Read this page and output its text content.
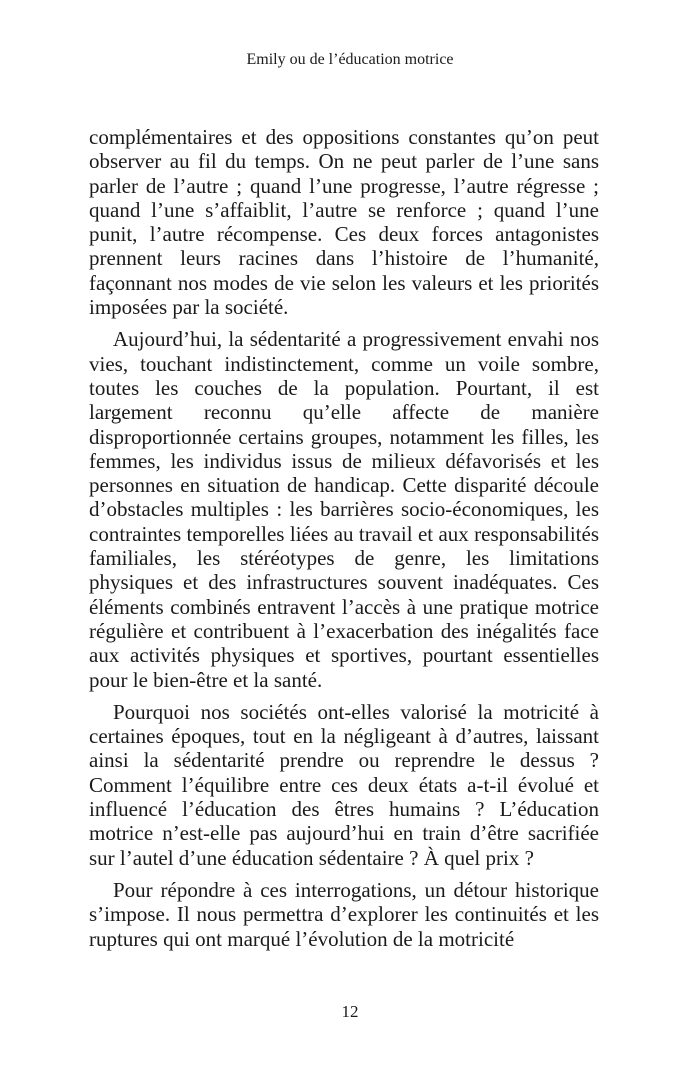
Emily ou de l’éducation motrice

complémentaires et des oppositions constantes qu’on peut observer au fil du temps. On ne peut parler de l’une sans parler de l’autre ; quand l’une progresse, l’autre régresse ; quand l’une s’affaiblit, l’autre se renforce ; quand l’une punit, l’autre récompense. Ces deux forces antagonistes prennent leurs racines dans l’histoire de l’humanité, façonnant nos modes de vie selon les valeurs et les priorités imposées par la société.

Aujourd’hui, la sédentarité a progressivement envahi nos vies, touchant indistinctement, comme un voile sombre, toutes les couches de la population. Pourtant, il est largement reconnu qu’elle affecte de manière disproportionnée certains groupes, notamment les filles, les femmes, les individus issus de milieux défavorisés et les personnes en situation de handicap. Cette disparité découle d’obstacles multiples : les barrières socio-économiques, les contraintes temporelles liées au travail et aux responsabilités familiales, les stéréotypes de genre, les limitations physiques et des infrastructures souvent inadéquates. Ces éléments combinés entravent l’accès à une pratique motrice régulière et contribuent à l’exacerbation des inégalités face aux activités physiques et sportives, pourtant essentielles pour le bien-être et la santé.

Pourquoi nos sociétés ont-elles valorisé la motricité à certaines époques, tout en la négligeant à d’autres, laissant ainsi la sédentarité prendre ou reprendre le dessus ? Comment l’équilibre entre ces deux états a-t-il évolué et influencé l’éducation des êtres humains ? L’éducation motrice n’est-elle pas aujourd’hui en train d’être sacrifiée sur l’autel d’une éducation sédentaire ? À quel prix ?

Pour répondre à ces interrogations, un détour historique s’impose. Il nous permettra d’explorer les continuités et les ruptures qui ont marqué l’évolution de la motricité

12
